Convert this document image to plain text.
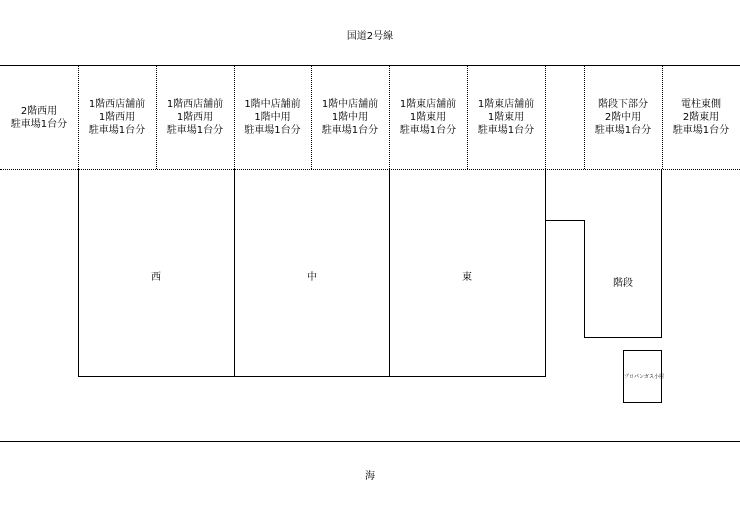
国道2号線
2階西用
駐車場1台分
1階西店舗前
1階西用
駐車場1台分
1階西店舗前
1階西用
駐車場1台分
1階中店舗前
1階中用
駐車場1台分
1階中店舗前
1階中用
駐車場1台分
1階東店舗前
1階東用
駐車場1台分
1階東店舗前
1階東用
駐車場1台分
階段下部分
2階中用
駐車場1台分
電柱東側
2階東用
駐車場1台分
西	中	東
階段
プロパンガス小屋
海
